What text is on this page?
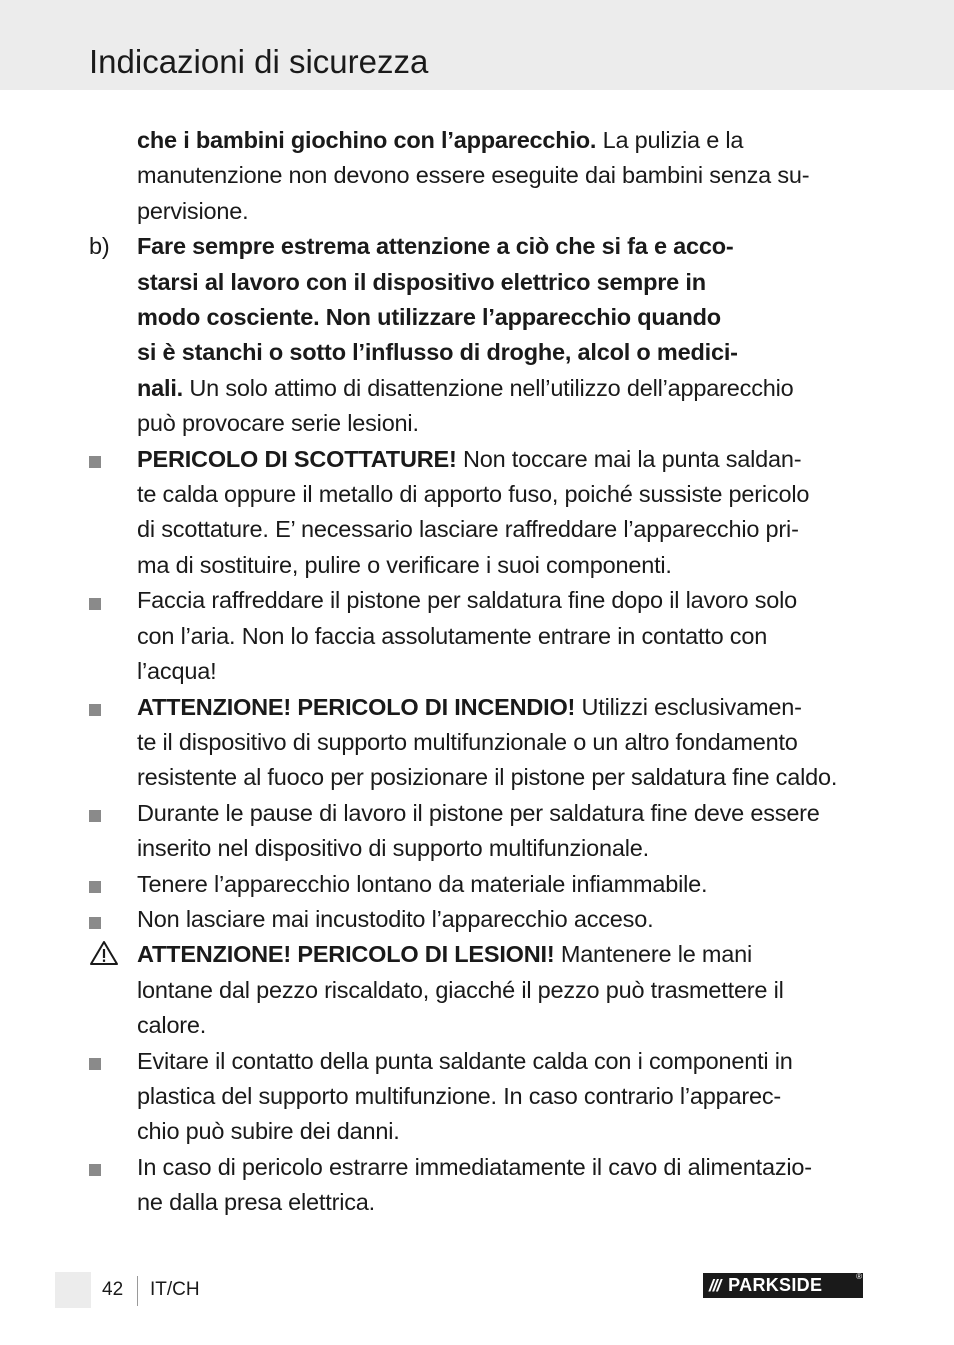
Indicazioni di sicurezza

che i bambini giochino con l’apparecchio. La pulizia e la

manutenzione non devono essere eseguite dai bambini senza su-

pervisione.

b) Fare sempre estrema attenzione a ciò che si fa e acco-

starsi al lavoro con il dispositivo elettrico sempre in

modo cosciente. Non utilizzare l’apparecchio quando

si è stanchi o sotto l’influsso di droghe, alcol o medici-

nali. Un solo attimo di disattenzione nell’utilizzo dell’apparecchio

può provocare serie lesioni.

PERICOLO DI SCOTTATURE! Non toccare mai la punta saldan-

te calda oppure il metallo di apporto fuso, poiché sussiste pericolo

di scottature. E’ necessario lasciare raffreddare l’apparecchio pri-

ma di sostituire, pulire o verificare i suoi componenti.

Faccia raffreddare il pistone per saldatura fine dopo il lavoro solo

con l’aria. Non lo faccia assolutamente entrare in contatto con

l’acqua!

ATTENZIONE! PERICOLO DI INCENDIO! Utilizzi esclusivamen-

te il dispositivo di supporto multifunzionale o un altro fondamento

resistente al fuoco per posizionare il pistone per saldatura fine caldo.

Durante le pause di lavoro il pistone per saldatura fine deve essere

inserito nel dispositivo di supporto multifunzionale.

Tenere l’apparecchio lontano da materiale infiammabile.

Non lasciare mai incustodito l’apparecchio acceso.

ATTENZIONE! PERICOLO DI LESIONI! Mantenere le mani

lontane dal pezzo riscaldato, giacché il pezzo può trasmettere il

calore.

Evitare il contatto della punta saldante calda con i componenti in

plastica del supporto multifunzione. In caso contrario l’apparec-

chio può subire dei danni.

In caso di pericolo estrarre immediatamente il cavo di alimentazio-

ne dalla presa elettrica.

42 IT/CH	/// PARKSIDE	®
